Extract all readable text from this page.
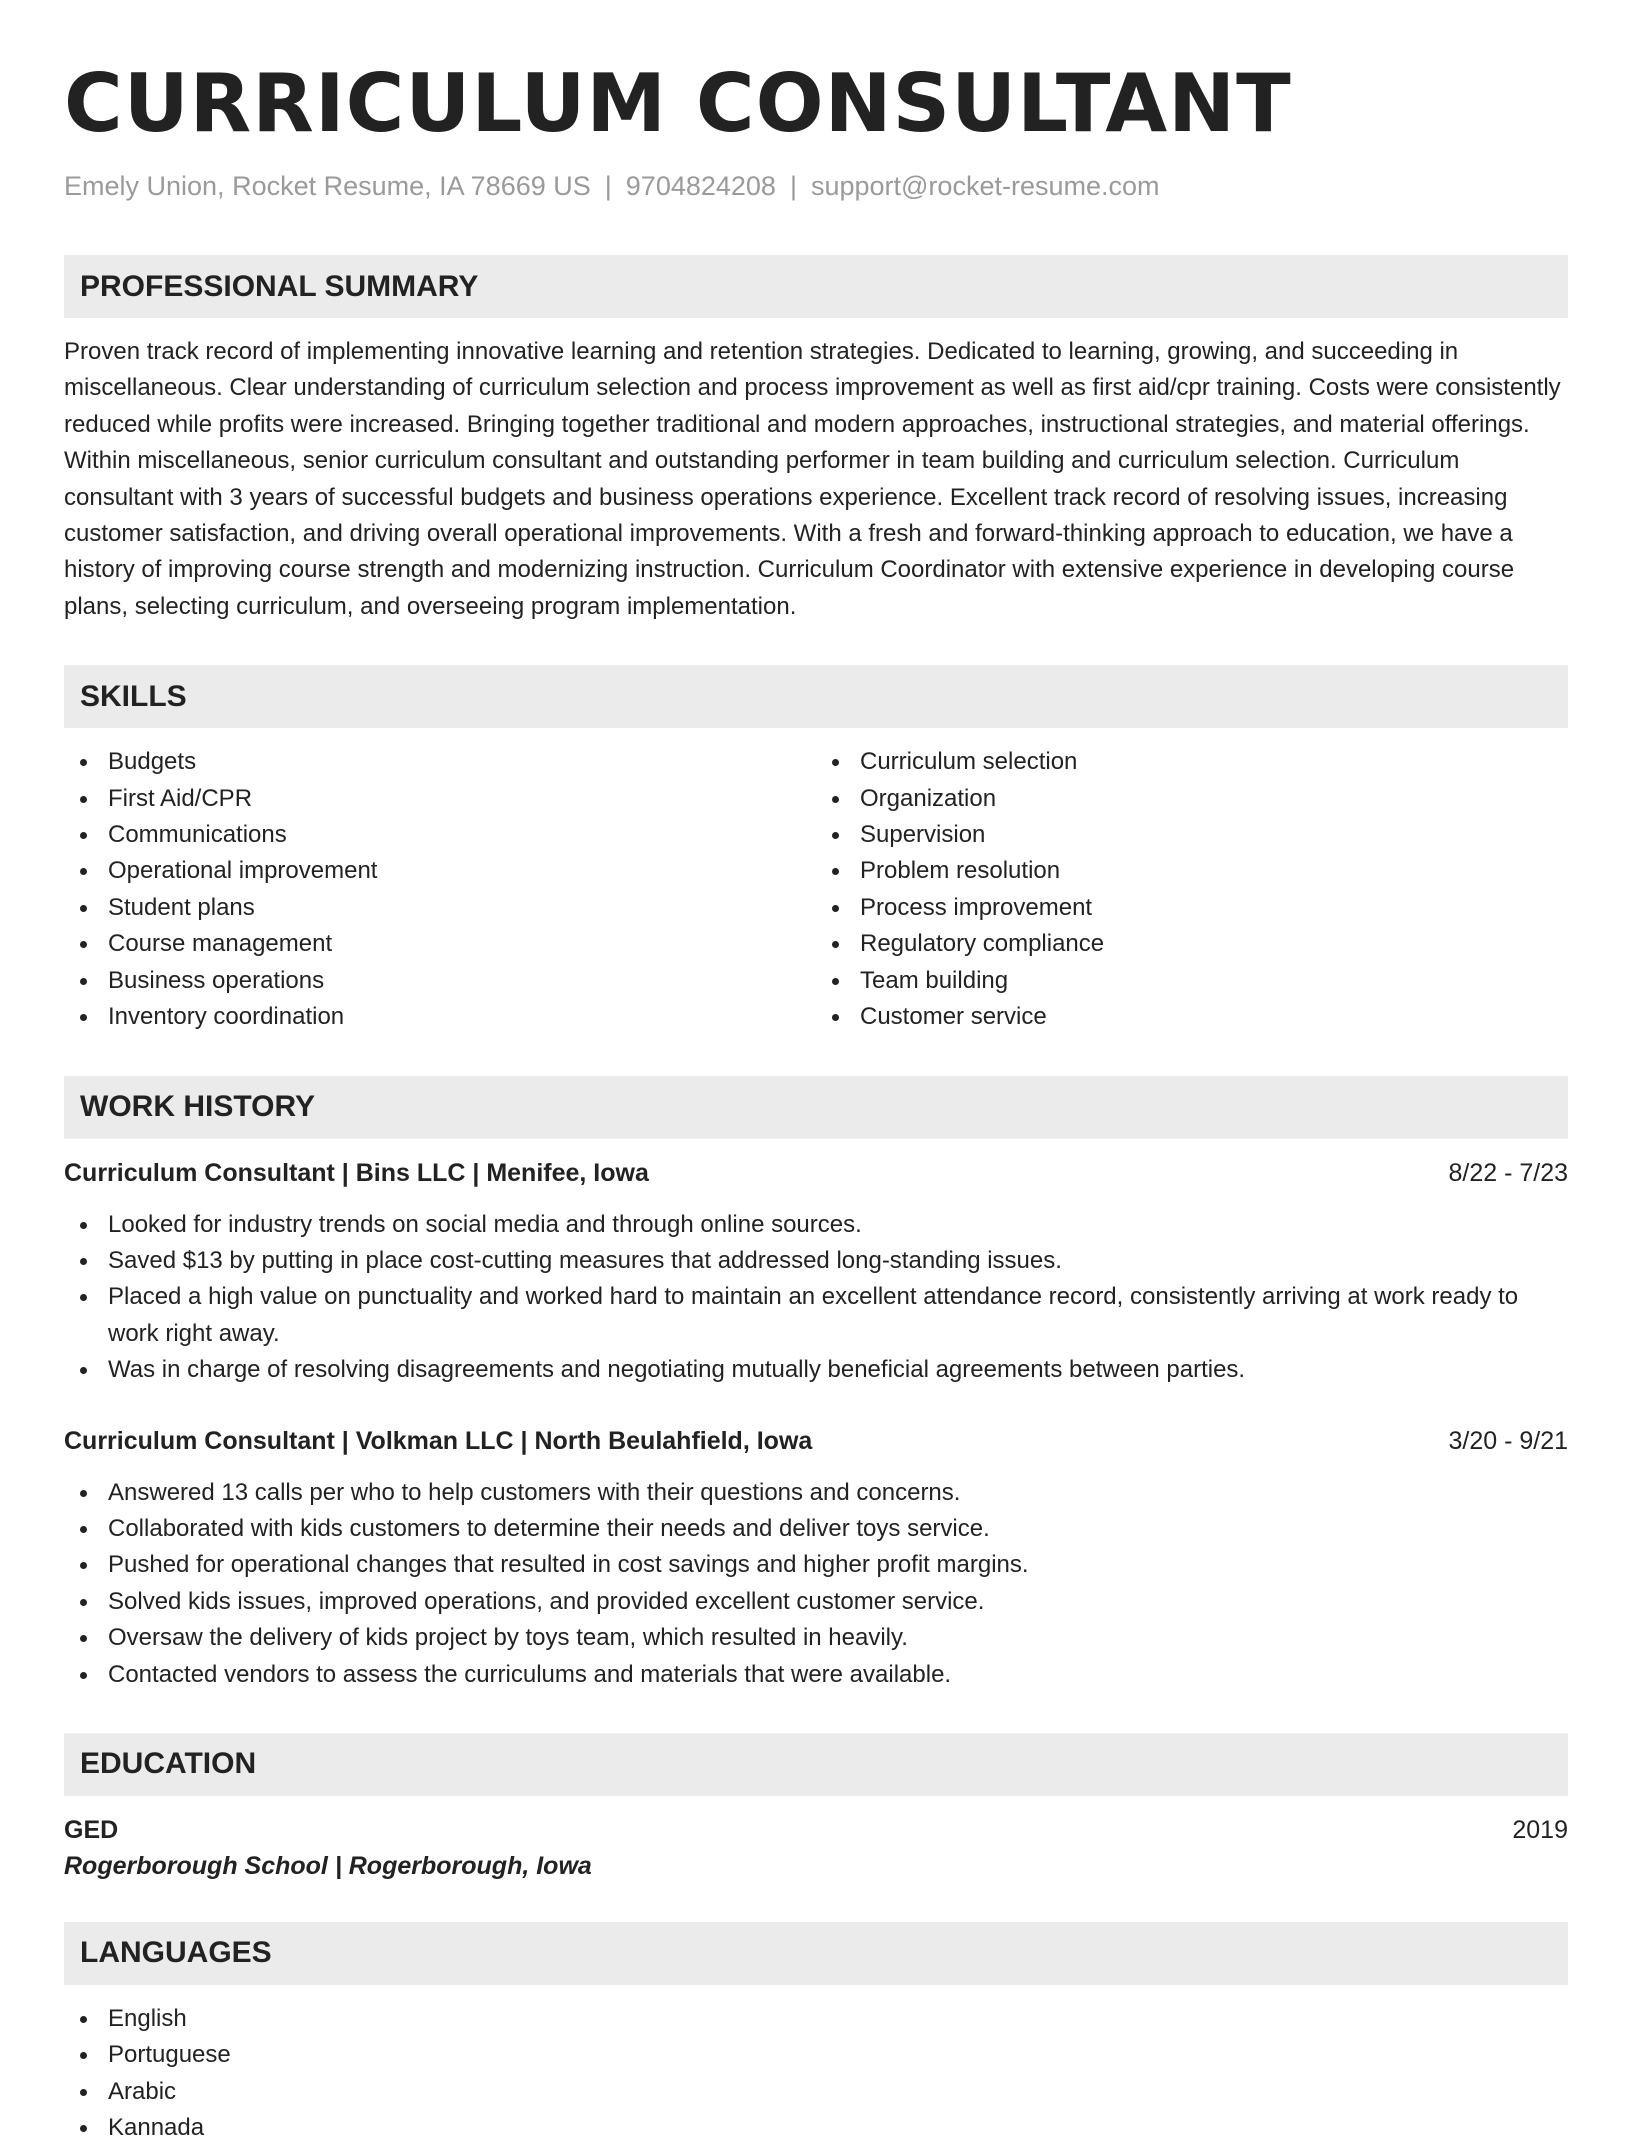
CURRICULUM CONSULTANT
Emely Union, Rocket Resume, IA 78669 US | 9704824208 | support@rocket-resume.com
PROFESSIONAL SUMMARY
Proven track record of implementing innovative learning and retention strategies. Dedicated to learning, growing, and succeeding in miscellaneous. Clear understanding of curriculum selection and process improvement as well as first aid/cpr training. Costs were consistently reduced while profits were increased. Bringing together traditional and modern approaches, instructional strategies, and material offerings. Within miscellaneous, senior curriculum consultant and outstanding performer in team building and curriculum selection. Curriculum consultant with 3 years of successful budgets and business operations experience. Excellent track record of resolving issues, increasing customer satisfaction, and driving overall operational improvements. With a fresh and forward-thinking approach to education, we have a history of improving course strength and modernizing instruction. Curriculum Coordinator with extensive experience in developing course plans, selecting curriculum, and overseeing program implementation.
SKILLS
Budgets
First Aid/CPR
Communications
Operational improvement
Student plans
Course management
Business operations
Inventory coordination
Curriculum selection
Organization
Supervision
Problem resolution
Process improvement
Regulatory compliance
Team building
Customer service
WORK HISTORY
Curriculum Consultant | Bins LLC | Menifee, Iowa	8/22 - 7/23
Looked for industry trends on social media and through online sources.
Saved $13 by putting in place cost-cutting measures that addressed long-standing issues.
Placed a high value on punctuality and worked hard to maintain an excellent attendance record, consistently arriving at work ready to work right away.
Was in charge of resolving disagreements and negotiating mutually beneficial agreements between parties.
Curriculum Consultant | Volkman LLC | North Beulahfield, Iowa	3/20 - 9/21
Answered 13 calls per who to help customers with their questions and concerns.
Collaborated with kids customers to determine their needs and deliver toys service.
Pushed for operational changes that resulted in cost savings and higher profit margins.
Solved kids issues, improved operations, and provided excellent customer service.
Oversaw the delivery of kids project by toys team, which resulted in heavily.
Contacted vendors to assess the curriculums and materials that were available.
EDUCATION
GED	2019
Rogerborough School | Rogerborough, Iowa
LANGUAGES
English
Portuguese
Arabic
Kannada
